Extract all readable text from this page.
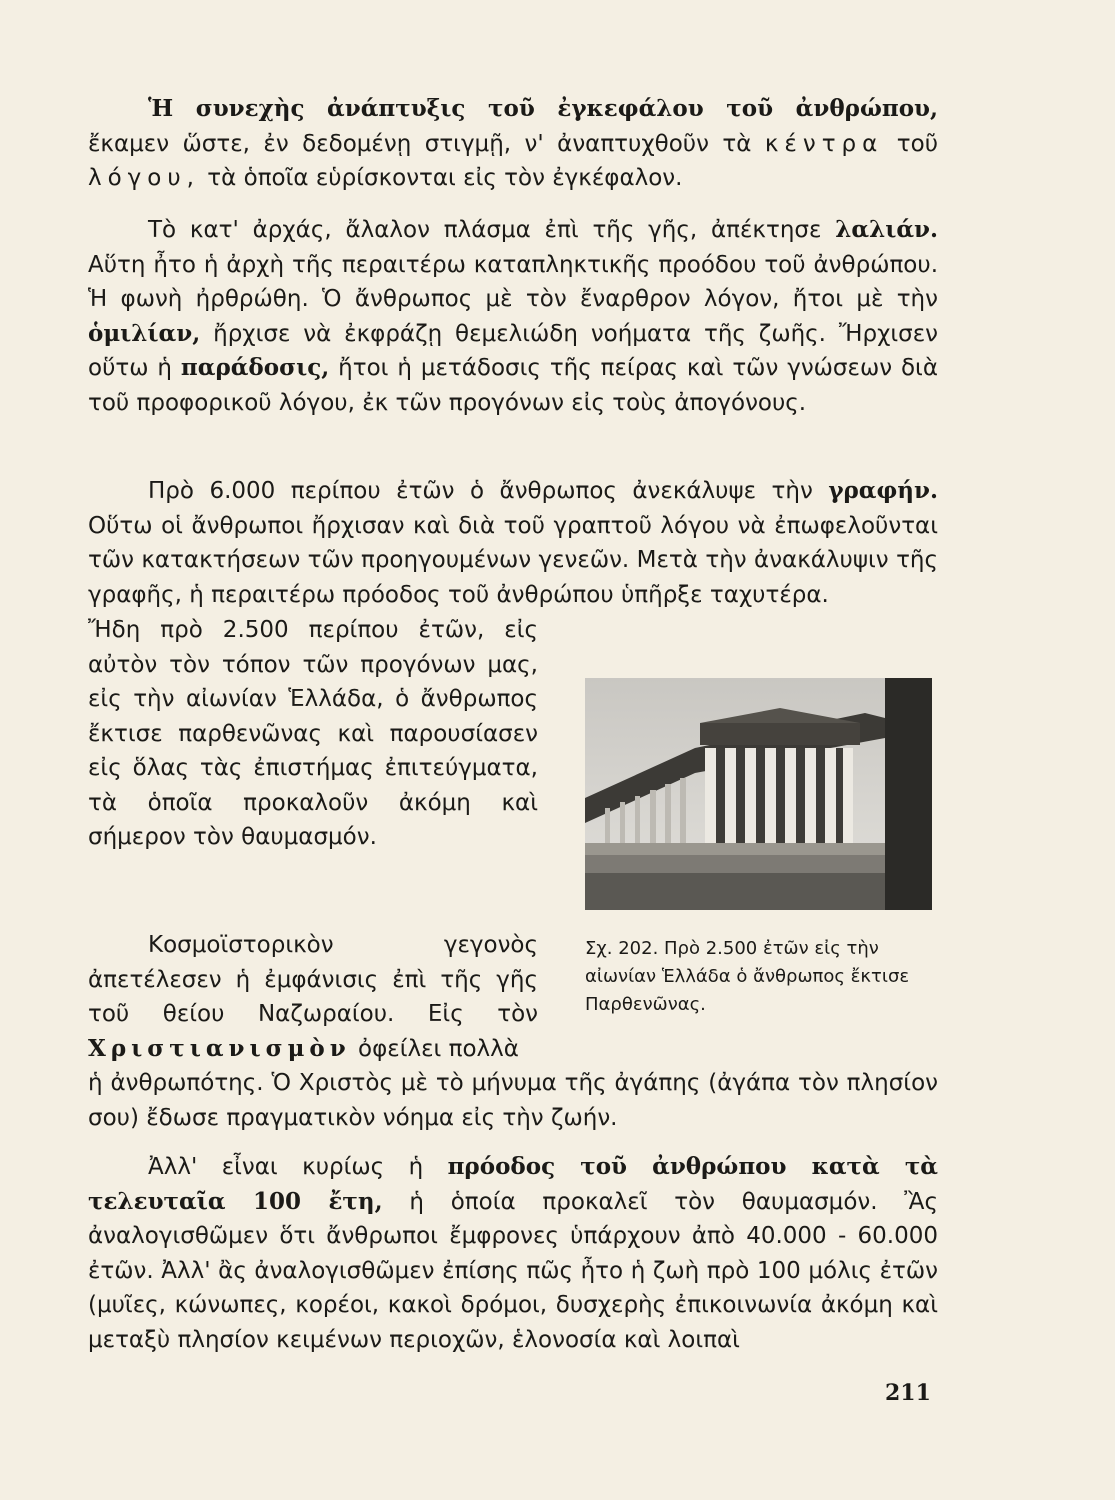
Ἡ συνεχὴς ἀνάπτυξις τοῦ ἐγκεφάλου τοῦ ἀνθρώπου, ἔκαμεν ὥστε, ἐν δεδομένῃ στιγμῇ, ν' ἀναπτυχθοῦν τὰ κέντρα τοῦ λόγου, τὰ ὁποῖα εὑρίσκονται εἰς τὸν ἐγκέφαλον.

Τὸ κατ' ἀρχάς, ἄλαλον πλάσμα ἐπὶ τῆς γῆς, ἀπέκτησε λαλιάν. Αὕτη ἦτο ἡ ἀρχὴ τῆς περαιτέρω καταπληκτικῆς προόδου τοῦ ἀνθρώπου. Ἡ φωνὴ ἠρθρώθη. Ὁ ἄνθρωπος μὲ τὸν ἔναρθρον λόγον, ἤτοι μὲ τὴν ὁμιλίαν, ἤρχισε νὰ ἐκφράζῃ θεμελιώδη νοήματα τῆς ζωῆς. Ἤρχισεν οὕτω ἡ παράδοσις, ἤτοι ἡ μετάδοσις τῆς πείρας καὶ τῶν γνώσεων διὰ τοῦ προφορικοῦ λόγου, ἐκ τῶν προγόνων εἰς τοὺς ἀπογόνους.

Πρὸ 6.000 περίπου ἐτῶν ὁ ἄνθρωπος ἀνεκάλυψε τὴν γραφήν. Οὕτω οἱ ἄνθρωποι ἤρχισαν καὶ διὰ τοῦ γραπτοῦ λόγου νὰ ἐπωφελοῦνται τῶν κατακτήσεων τῶν προηγουμένων γενεῶν. Μετὰ τὴν ἀνακάλυψιν τῆς γραφῆς, ἡ περαιτέρω πρόοδος τοῦ ἀνθρώπου ὑπῆρξε ταχυτέρα.

Ἤδη πρὸ 2.500 περίπου ἐτῶν, εἰς αὐτὸν τὸν τόπον τῶν προγόνων μας, εἰς τὴν αἰωνίαν Ἑλλάδα, ὁ ἄνθρωπος ἔκτισε παρθενῶνας καὶ παρουσίασεν εἰς ὅλας τὰς ἐπιστήμας ἐπιτεύγματα, τὰ ὁποῖα προκαλοῦν ἀκόμη καὶ σήμερον τὸν θαυμασμόν.

Σχ. 202. Πρὸ 2.500 ἐτῶν εἰς τὴν αἰωνίαν Ἑλλάδα ὁ ἄνθρωπος ἔκτισε Παρθενῶνας.

Κοσμοϊστορικὸν γεγονὸς ἀπετέλεσεν ἡ ἐμφάνισις ἐπὶ τῆς γῆς τοῦ θείου Ναζωραίου. Εἰς τὸν

Χριστιανισμὸν ὀφείλει πολλὰ

ἡ ἀνθρωπότης. Ὁ Χριστὸς μὲ τὸ μήνυμα τῆς ἀγάπης (ἀγάπα τὸν πλησίον σου) ἔδωσε πραγματικὸν νόημα εἰς τὴν ζωήν.

Ἀλλ' εἶναι κυρίως ἡ πρόοδος τοῦ ἀνθρώπου κατὰ τὰ τελευταῖα 100 ἔτη, ἡ ὁποία προκαλεῖ τὸν θαυμασμόν. Ἂς ἀναλογισθῶμεν ὅτι ἄνθρωποι ἔμφρονες ὑπάρχουν ἀπὸ 40.000 - 60.000 ἐτῶν. Ἀλλ' ἂς ἀναλογισθῶμεν ἐπίσης πῶς ἦτο ἡ ζωὴ πρὸ 100 μόλις ἐτῶν (μυῖες, κώνωπες, κορέοι, κακοὶ δρόμοι, δυσχερὴς ἐπικοινωνία ἀκόμη καὶ μεταξὺ πλησίον κειμένων περιοχῶν, ἑλονοσία καὶ λοιπαὶ

211
